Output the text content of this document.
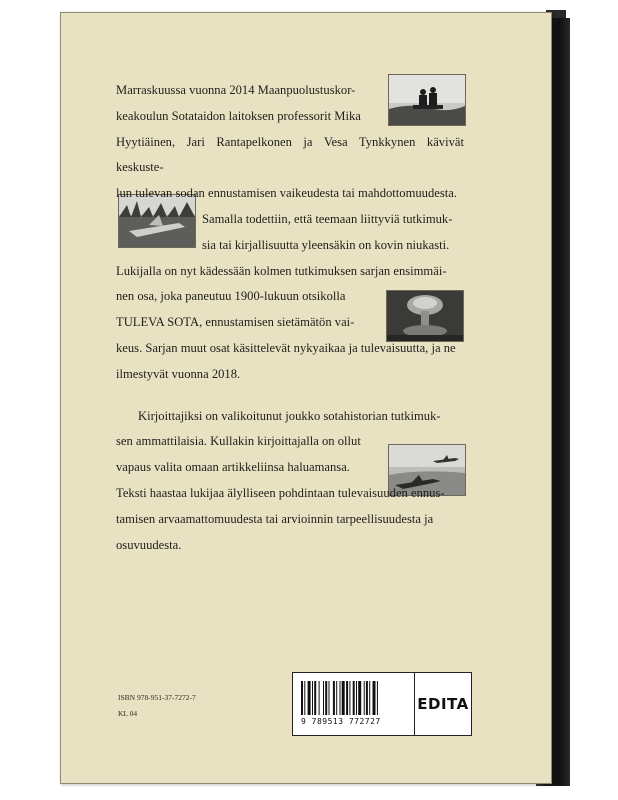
Marraskuussa vuonna 2014 Maanpuolustuskor-
keakoulun Sotataidon laitoksen professorit Mika
Hyytiäinen, Jari Rantapelkonen ja Vesa Tynkkynen kävivät keskuste-
lun tulevan sodan ennustamisen vaikeudesta tai mahdottomuudesta.
Samalla todettiin, että teemaan liittyviä tutkimuk-
sia tai kirjallisuutta yleensäkin on kovin niukasti.
Lukijalla on nyt kädessään kolmen tutkimuksen sarjan ensimmäi-
nen osa, joka paneutuu 1900-lukuun otsikolla
TULEVA SOTA, ennustamisen sietämätön vai-
keus. Sarjan muut osat käsittelevät nykyaikaa ja tulevaisuutta, ja ne
ilmestyvät vuonna 2018.

Kirjoittajiksi on valikoitunut joukko sotahistorian tutkimuk-
sen ammattilaisia. Kullakin kirjoittajalla on ollut
vapaus valita omaan artikkeliinsa haluamansa.
Teksti haastaa lukijaa älylliseen pohdintaan tulevaisuuden ennus-
tamisen arvaamattomuudesta tai arvioinnin tarpeellisuudesta ja
osuvuudesta.

ISBN 978-951-37-7272-7
KL 04
9 789513 772727
EDITA
